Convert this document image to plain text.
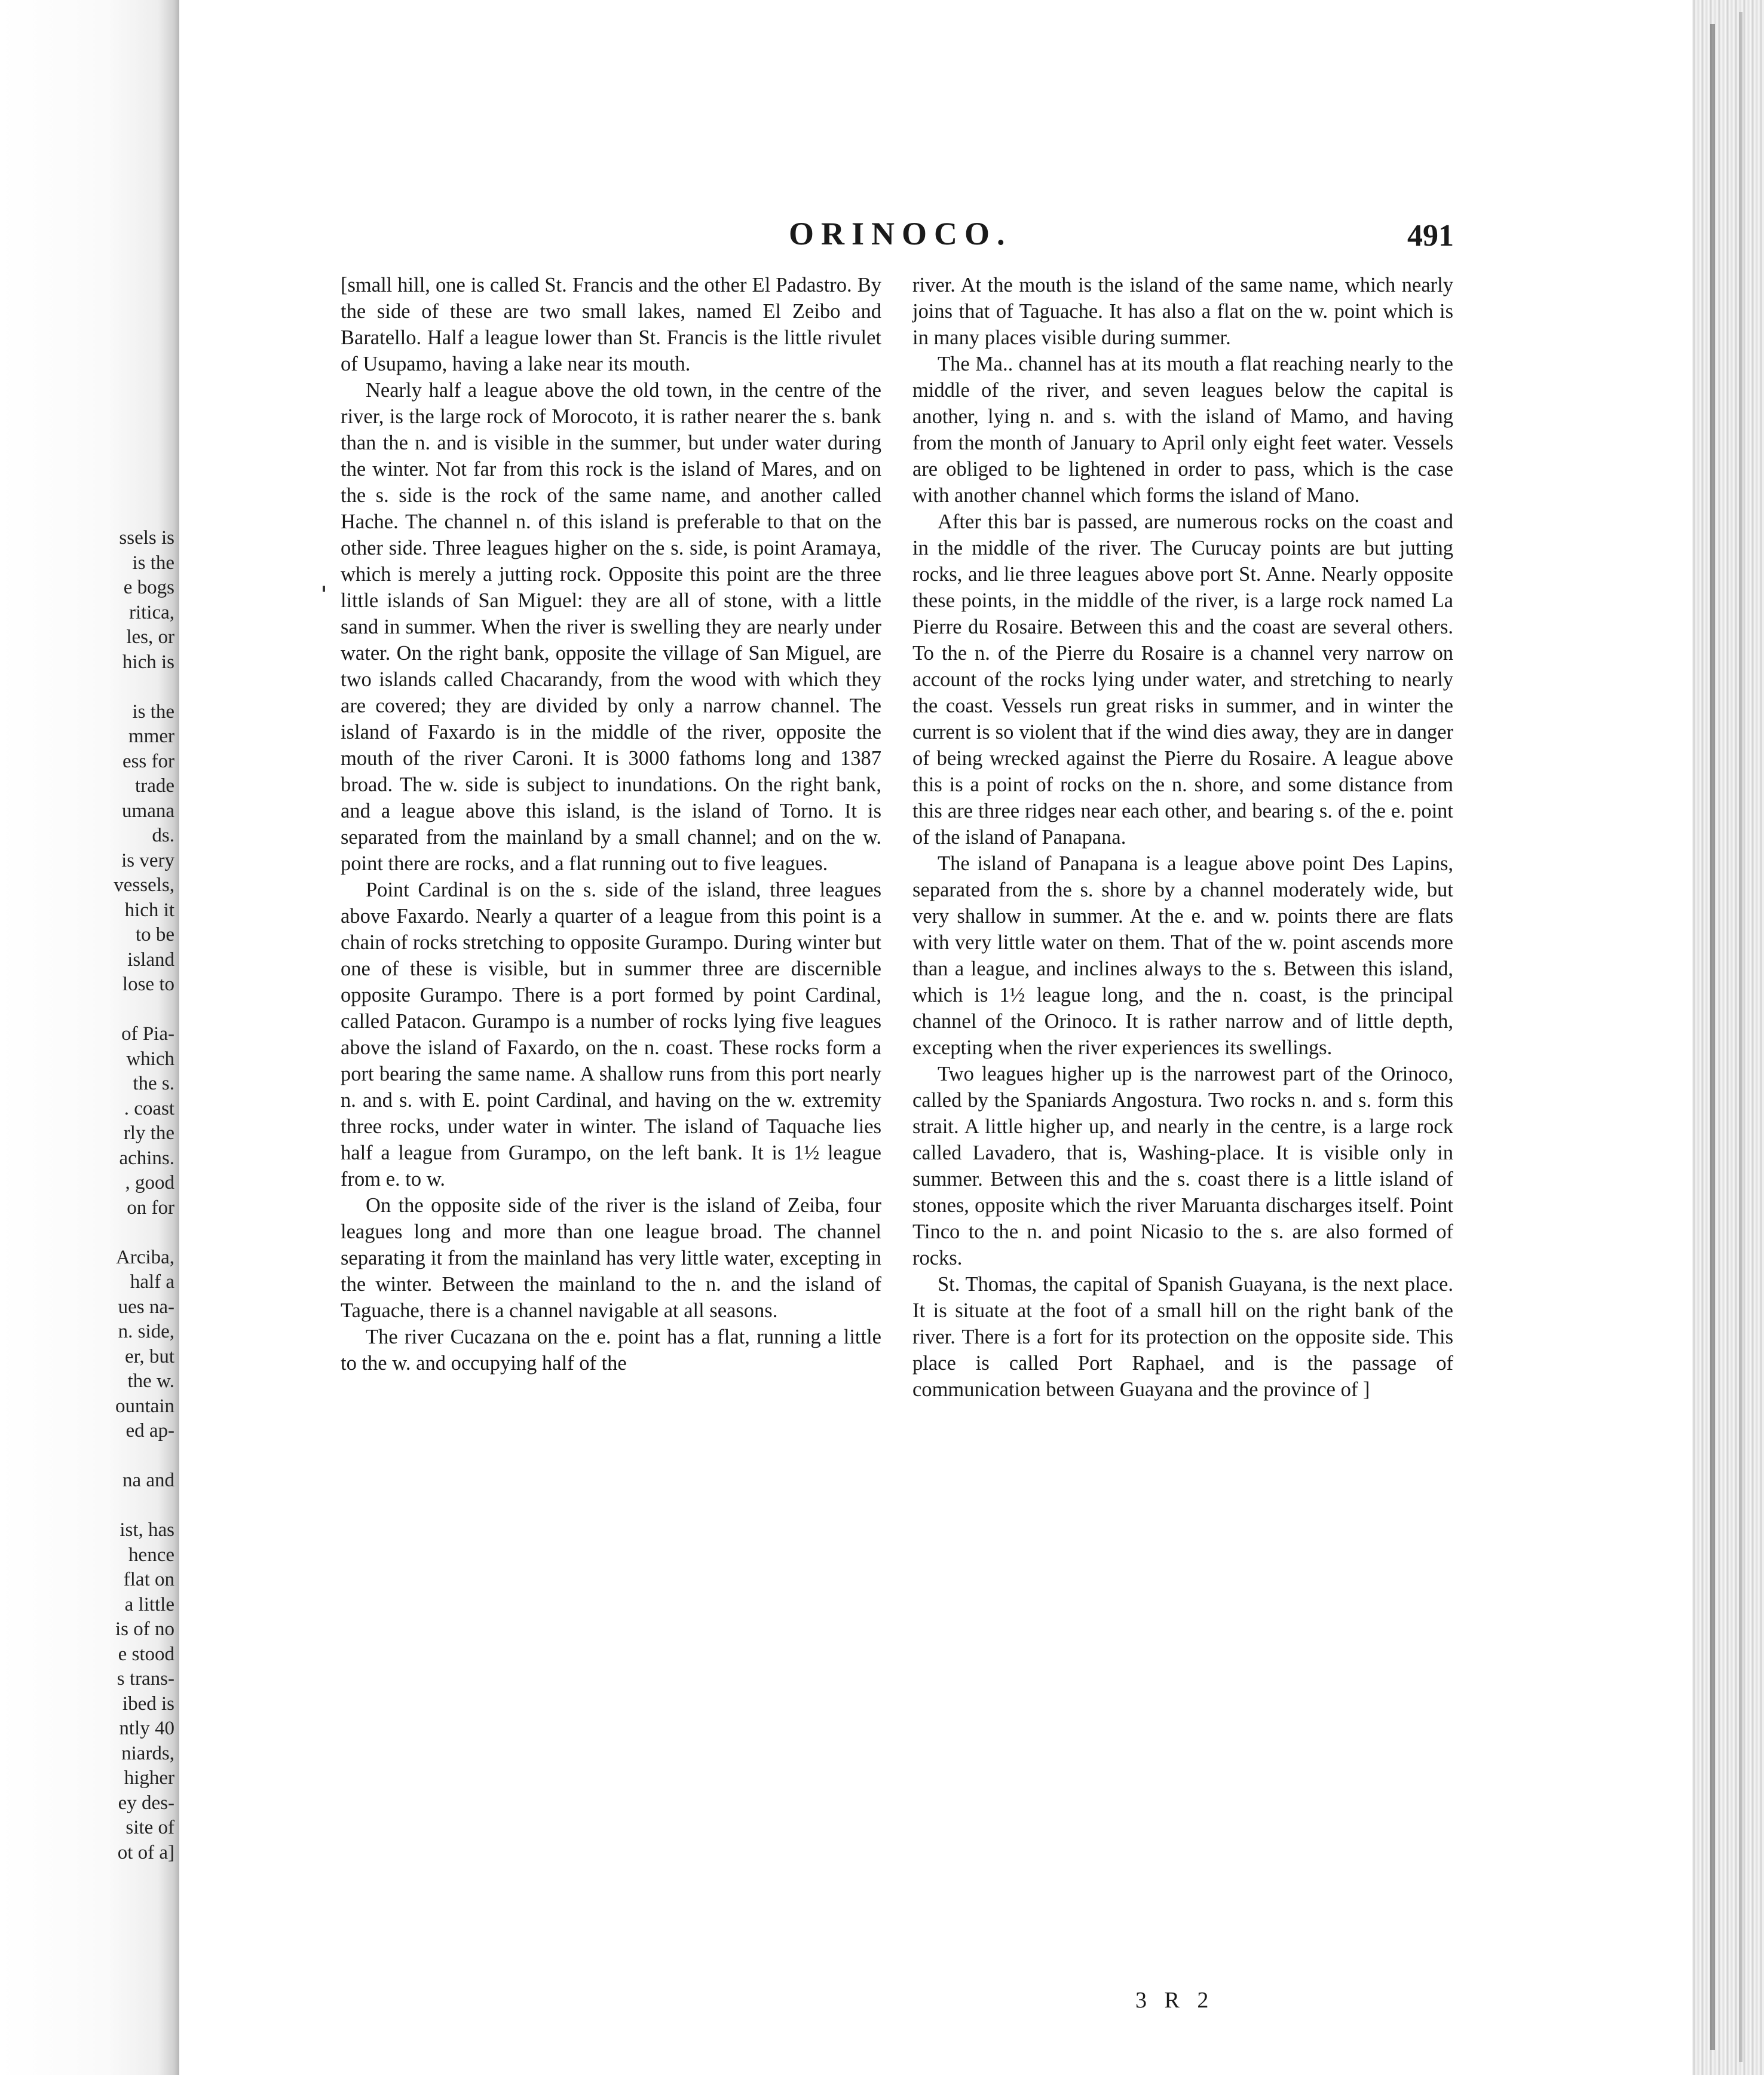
ssels is
is the
e bogs
ritica,
les, or
hich is
is the
mmer
ess for
trade
umana
ds.
is very
vessels,
hich it
to be
island
lose to
of Pia-
which
the s.
. coast
rly the
achins.
, good
on for
Arciba,
half a
ues na-
n. side,
er, but
the w.
ountain
ed ap-
na and
ist, has
hence
flat on
a little
is of no
e stood
s trans-
ibed is
ntly 40
niards,
higher
ey des-
site of
ot of a]
ORINOCO.	491

[small hill, one is called St. Francis and the other El Padastro. By the side of these are two small lakes, named El Zeibo and Baratello. Half a league lower than St. Francis is the little rivulet of Usupamo, having a lake near its mouth.

Nearly half a league above the old town, in the centre of the river, is the large rock of Morocoto, it is rather nearer the s. bank than the n. and is visible in the summer, but under water during the winter. Not far from this rock is the island of Mares, and on the s. side is the rock of the same name, and another called Hache. The channel n. of this island is preferable to that on the other side. Three leagues higher on the s. side, is point Aramaya, which is merely a jutting rock. Opposite this point are the three little islands of San Miguel: they are all of stone, with a little sand in summer. When the river is swelling they are nearly under water. On the right bank, opposite the village of San Miguel, are two islands called Chacarandy, from the wood with which they are covered; they are divided by only a narrow channel. The island of Faxardo is in the middle of the river, opposite the mouth of the river Caroni. It is 3000 fathoms long and 1387 broad. The w. side is subject to inundations. On the right bank, and a league above this island, is the island of Torno. It is separated from the mainland by a small channel; and on the w. point there are rocks, and a flat running out to five leagues.

Point Cardinal is on the s. side of the island, three leagues above Faxardo. Nearly a quarter of a league from this point is a chain of rocks stretching to opposite Gurampo. During winter but one of these is visible, but in summer three are discernible opposite Gurampo. There is a port formed by point Cardinal, called Patacon. Gurampo is a number of rocks lying five leagues above the island of Faxardo, on the n. coast. These rocks form a port bearing the same name. A shallow runs from this port nearly n. and s. with E. point Cardinal, and having on the w. extremity three rocks, under water in winter. The island of Taquache lies half a league from Gurampo, on the left bank. It is 1½ league from e. to w.

On the opposite side of the river is the island of Zeiba, four leagues long and more than one league broad. The channel separating it from the mainland has very little water, excepting in the winter. Between the mainland to the n. and the island of Taguache, there is a channel navigable at all seasons.

The river Cucazana on the e. point has a flat, running a little to the w. and occupying half of the

river. At the mouth is the island of the same name, which nearly joins that of Taguache. It has also a flat on the w. point which is in many places visible during summer.

The Ma.. channel has at its mouth a flat reaching nearly to the middle of the river, and seven leagues below the capital is another, lying n. and s. with the island of Mamo, and having from the month of January to April only eight feet water. Vessels are obliged to be lightened in order to pass, which is the case with another channel which forms the island of Mano.

After this bar is passed, are numerous rocks on the coast and in the middle of the river. The Curucay points are but jutting rocks, and lie three leagues above port St. Anne. Nearly opposite these points, in the middle of the river, is a large rock named La Pierre du Rosaire. Between this and the coast are several others. To the n. of the Pierre du Rosaire is a channel very narrow on account of the rocks lying under water, and stretching to nearly the coast. Vessels run great risks in summer, and in winter the current is so violent that if the wind dies away, they are in danger of being wrecked against the Pierre du Rosaire. A league above this is a point of rocks on the n. shore, and some distance from this are three ridges near each other, and bearing s. of the e. point of the island of Panapana.

The island of Panapana is a league above point Des Lapins, separated from the s. shore by a channel moderately wide, but very shallow in summer. At the e. and w. points there are flats with very little water on them. That of the w. point ascends more than a league, and inclines always to the s. Between this island, which is 1½ league long, and the n. coast, is the principal channel of the Orinoco. It is rather narrow and of little depth, excepting when the river experiences its swellings.

Two leagues higher up is the narrowest part of the Orinoco, called by the Spaniards Angostura. Two rocks n. and s. form this strait. A little higher up, and nearly in the centre, is a large rock called Lavadero, that is, Washing-place. It is visible only in summer. Between this and the s. coast there is a little island of stones, opposite which the river Maruanta discharges itself. Point Tinco to the n. and point Nicasio to the s. are also formed of rocks.

St. Thomas, the capital of Spanish Guayana, is the next place. It is situate at the foot of a small hill on the right bank of the river. There is a fort for its protection on the opposite side. This place is called Port Raphael, and is the passage of communication between Guayana and the province of ]

3 R 2
